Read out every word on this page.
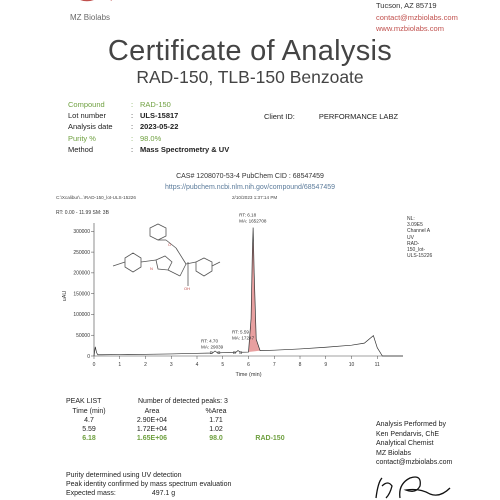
MZ Biolabs
Tucson, AZ 85719
contact@mzbiolabs.com
www.mzbiolabs.com
Certificate of Analysis
RAD-150, TLB-150 Benzoate
Compound	: RAD-150
Lot number	: ULS-15817
Analysis date : 2023-05-22
Purity %	: 98.0%
Method	: Mass Spectrometry & UV
Client ID:	PERFORMANCE LABZ
CAS# 1208070-53-4 PubChem CID : 68547459
https://pubchem.ncbi.nlm.nih.gov/compound/68547459
C:\Xcalibur\...\RAD-150_lot-ULS-15226	2/10/2023 1:37:14 PM
RT: 0.00 - 11.99 SM: 3B
NL:
3.09E5
Channel A
UV
RAD-
150_lot-
ULS-15226
0	1	2	3	4	5	6	7	8	9	10	11
0
50000
100000
150000
200000
250000
300000
Time (min)
uAU
OH
O
N
RT: 6.18
MA: 1652708
RT: 5.59
MA: 17247
RT: 4.70
MA: 29039
PEAK LIST	Number of detected peaks: 3
Time (min)	Area	%Area	
4.7	2.90E+04	1.71	
5.59	1.72E+04	1.02	
6.18	1.65E+06	98.0	RAD-150
Analysis Performed by
Ken Pendarvis, ChE
Analytical Chemist
MZ Biolabs
contact@mzbiolabs.com
Purity determined using UV detection
Peak identity confirmed by mass spectrum evaluation
Expected mass:	497.1 g
